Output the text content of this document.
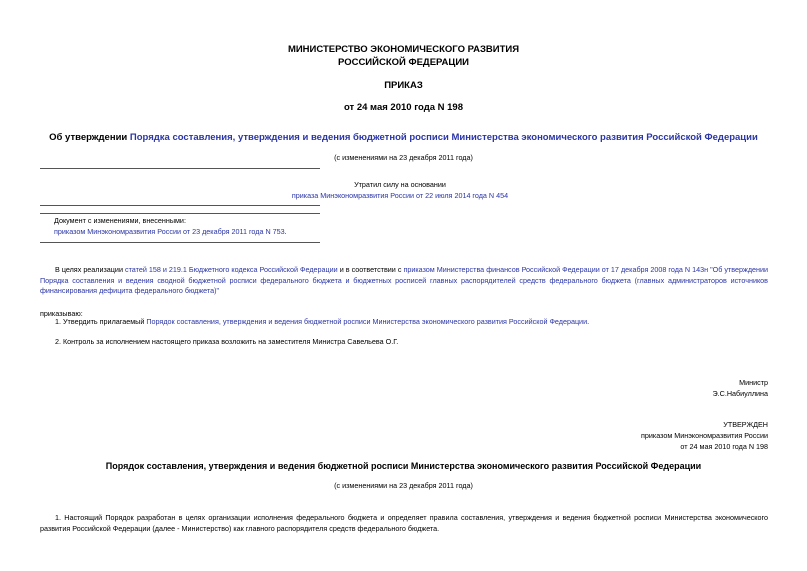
МИНИСТЕРСТВО ЭКОНОМИЧЕСКОГО РАЗВИТИЯ
РОССИЙСКОЙ ФЕДЕРАЦИИ
ПРИКАЗ
от 24 мая 2010 года N 198
Об утверждении Порядка составления, утверждения и ведения бюджетной росписи Министерства экономического развития Российской Федерации
(с изменениями на 23 декабря 2011 года)
Утратил силу на основании
приказа Минэкономразвития России от 22 июля 2014 года N 454
Документ с изменениями, внесенными:
приказом Минэкономразвития России от 23 декабря 2011 года N 753.
В целях реализации статей 158 и 219.1 Бюджетного кодекса Российской Федерации и в соответствии с приказом Министерства финансов Российской Федерации от 17 декабря 2008 года N 143н "Об утверждении Порядка составления и ведения сводной бюджетной росписи федерального бюджета и бюджетных росписей главных распорядителей средств федерального бюджета (главных администраторов источников финансирования дефицита федерального бюджета)"
приказываю:
1. Утвердить прилагаемый Порядок составления, утверждения и ведения бюджетной росписи Министерства экономического развития Российской Федерации.
2. Контроль за исполнением настоящего приказа возложить на заместителя Министра Савельева О.Г.
Министр
Э.С.Набиуллина
УТВЕРЖДЕН
приказом Минэкономразвития России
от 24 мая 2010 года N 198
Порядок составления, утверждения и ведения бюджетной росписи Министерства экономического развития Российской Федерации
(с изменениями на 23 декабря 2011 года)
1. Настоящий Порядок разработан в целях организации исполнения федерального бюджета и определяет правила составления, утверждения и ведения бюджетной росписи Министерства экономического развития Российской Федерации (далее - Министерство) как главного распорядителя средств федерального бюджета.
